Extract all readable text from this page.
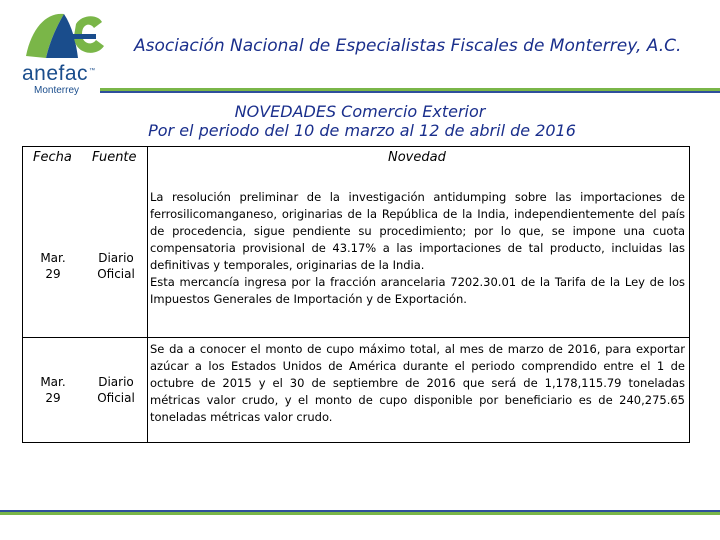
anefac™
Monterrey
Asociación Nacional de Especialistas Fiscales de Monterrey, A.C.
NOVEDADES Comercio Exterior
Por el periodo del 10 de marzo al 12 de abril de 2016
Fecha Fuente	Novedad
Mar.
29
Diario
Oficial

La resolución preliminar de la investigación antidumping sobre las importaciones de ferrosilicomanganeso, originarias de la República de la India, independientemente del país de procedencia, sigue pendiente su procedimiento; por lo que, se impone una cuota compensatoria provisional de 43.17% a las importaciones de tal producto, incluidas las definitivas y temporales, originarias de la India.

Esta mercancía ingresa por la fracción arancelaria 7202.30.01 de la Tarifa de la Ley de los Impuestos Generales de Importación y de Exportación.

Mar.
29
Diario
Oficial

Se da a conocer el monto de cupo máximo total, al mes de marzo de 2016, para exportar azúcar a los Estados Unidos de América durante el periodo comprendido entre el 1 de octubre de 2015 y el 30 de septiembre de 2016 que será de 1,178,115.79 toneladas métricas valor crudo, y el monto de cupo disponible por beneficiario es de 240,275.65 toneladas métricas valor crudo.
